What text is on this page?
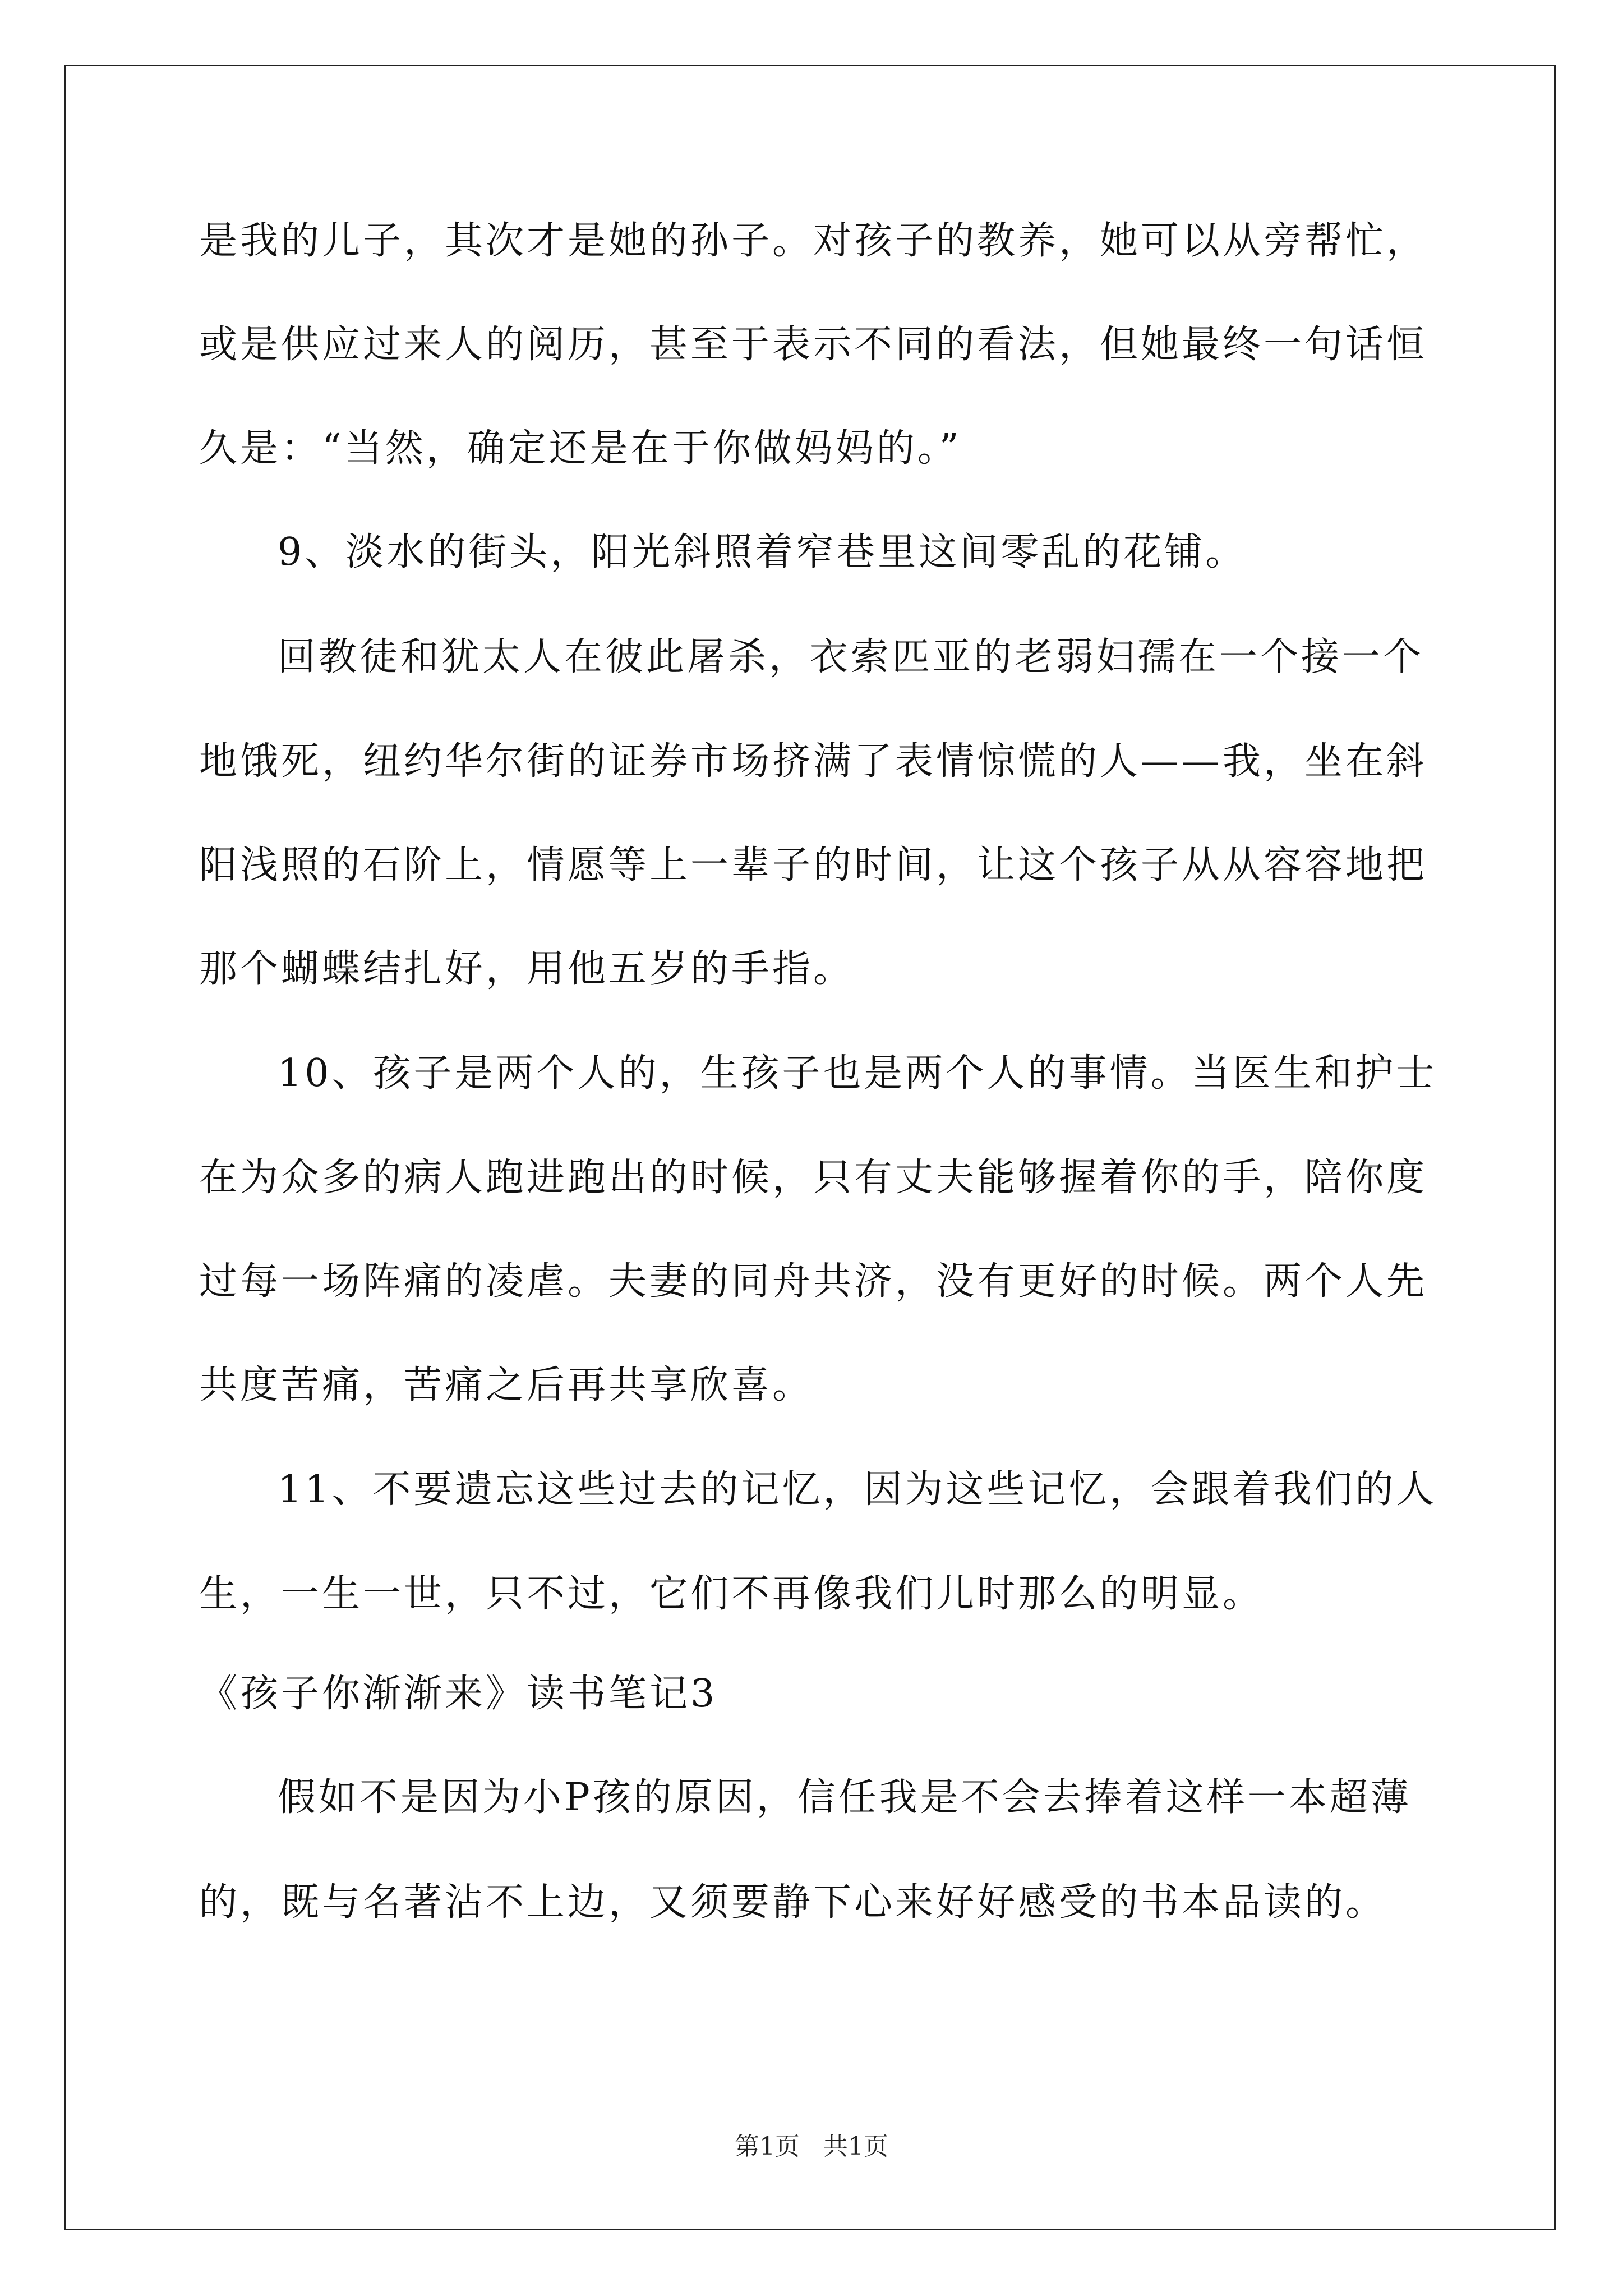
是我的儿子，其次才是她的孙子。对孩子的教养，她可以从旁帮忙，
或是供应过来人的阅历，甚至于表示不同的看法，但她最终一句话恒
久是：“当然，确定还是在于你做妈妈的。”
9、淡水的街头，阳光斜照着窄巷里这间零乱的花铺。
回教徒和犹太人在彼此屠杀，衣索匹亚的老弱妇孺在一个接一个
地饿死，纽约华尔街的证券市场挤满了表情惊慌的人——我，坐在斜
阳浅照的石阶上，情愿等上一辈子的时间，让这个孩子从从容容地把
那个蝴蝶结扎好，用他五岁的手指。
10、孩子是两个人的，生孩子也是两个人的事情。当医生和护士
在为众多的病人跑进跑出的时候，只有丈夫能够握着你的手，陪你度
过每一场阵痛的凌虐。夫妻的同舟共济，没有更好的时候。两个人先
共度苦痛，苦痛之后再共享欣喜。
11、不要遗忘这些过去的记忆，因为这些记忆，会跟着我们的人
生，一生一世，只不过，它们不再像我们儿时那么的明显。
《孩子你渐渐来》读书笔记3
假如不是因为小P孩的原因，信任我是不会去捧着这样一本超薄
的，既与名著沾不上边，又须要静下心来好好感受的书本品读的。
第1页 共1页
